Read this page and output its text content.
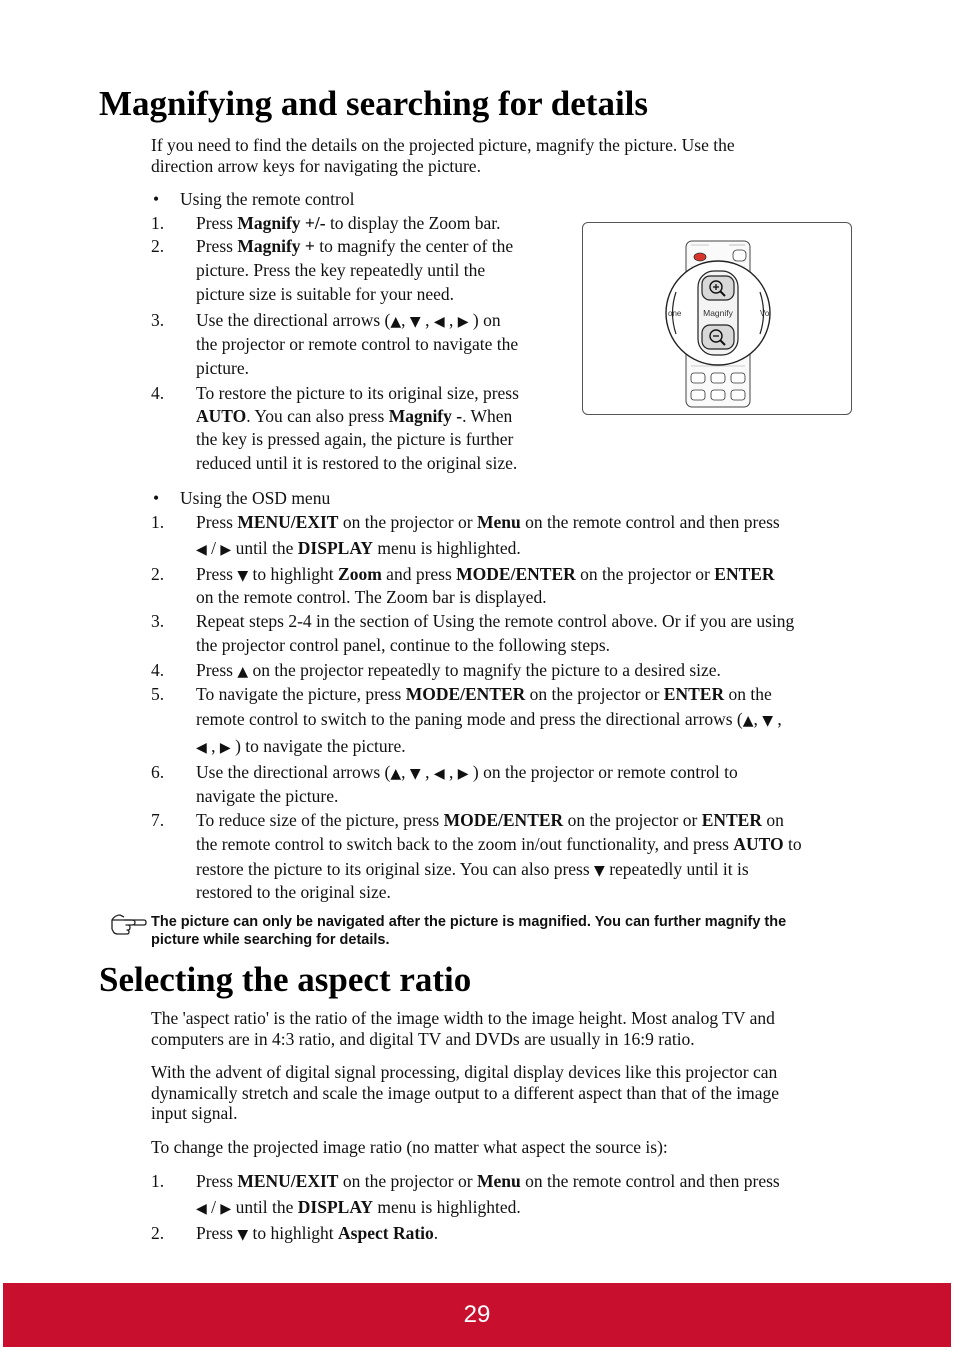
Magnifying and searching for details
If you need to find the details on the projected picture, magnify the picture. Use the
direction arrow keys for navigating the picture.
• Using the remote control
1. Press Magnify +/- to display the Zoom bar.
2. Press Magnify + to magnify the center of the
picture. Press the key repeatedly until the
picture size is suitable for your need.
3. Use the directional arrows (▲, ▼ , ◀ , ▶ ) on
the projector or remote control to navigate the
picture.
4. To restore the picture to its original size, press
AUTO. You can also press Magnify -. When
the key is pressed again, the picture is further
reduced until it is restored to the original size.
Magnify
one	Vo
• Using the OSD menu
1. Press MENU/EXIT on the projector or Menu on the remote control and then press
◀ / ▶ until the DISPLAY menu is highlighted.
2. Press ▼ to highlight Zoom and press MODE/ENTER on the projector or ENTER
on the remote control. The Zoom bar is displayed.
3. Repeat steps 2-4 in the section of Using the remote control above. Or if you are using
the projector control panel, continue to the following steps.
4. Press ▲ on the projector repeatedly to magnify the picture to a desired size.
5. To navigate the picture, press MODE/ENTER on the projector or ENTER on the
remote control to switch to the paning mode and press the directional arrows (▲, ▼ ,
◀ , ▶ ) to navigate the picture.
6. Use the directional arrows (▲, ▼ , ◀ , ▶ ) on the projector or remote control to
navigate the picture.
7. To reduce size of the picture, press MODE/ENTER on the projector or ENTER on
the remote control to switch back to the zoom in/out functionality, and press AUTO to
restore the picture to its original size. You can also press ▼ repeatedly until it is
restored to the original size.
The picture can only be navigated after the picture is magnified. You can further magnify the
picture while searching for details.
Selecting the aspect ratio
The 'aspect ratio' is the ratio of the image width to the image height. Most analog TV and
computers are in 4:3 ratio, and digital TV and DVDs are usually in 16:9 ratio.
With the advent of digital signal processing, digital display devices like this projector can
dynamically stretch and scale the image output to a different aspect than that of the image
input signal.
To change the projected image ratio (no matter what aspect the source is):
1. Press MENU/EXIT on the projector or Menu on the remote control and then press
◀ / ▶ until the DISPLAY menu is highlighted.
2. Press ▼ to highlight Aspect Ratio.
29
